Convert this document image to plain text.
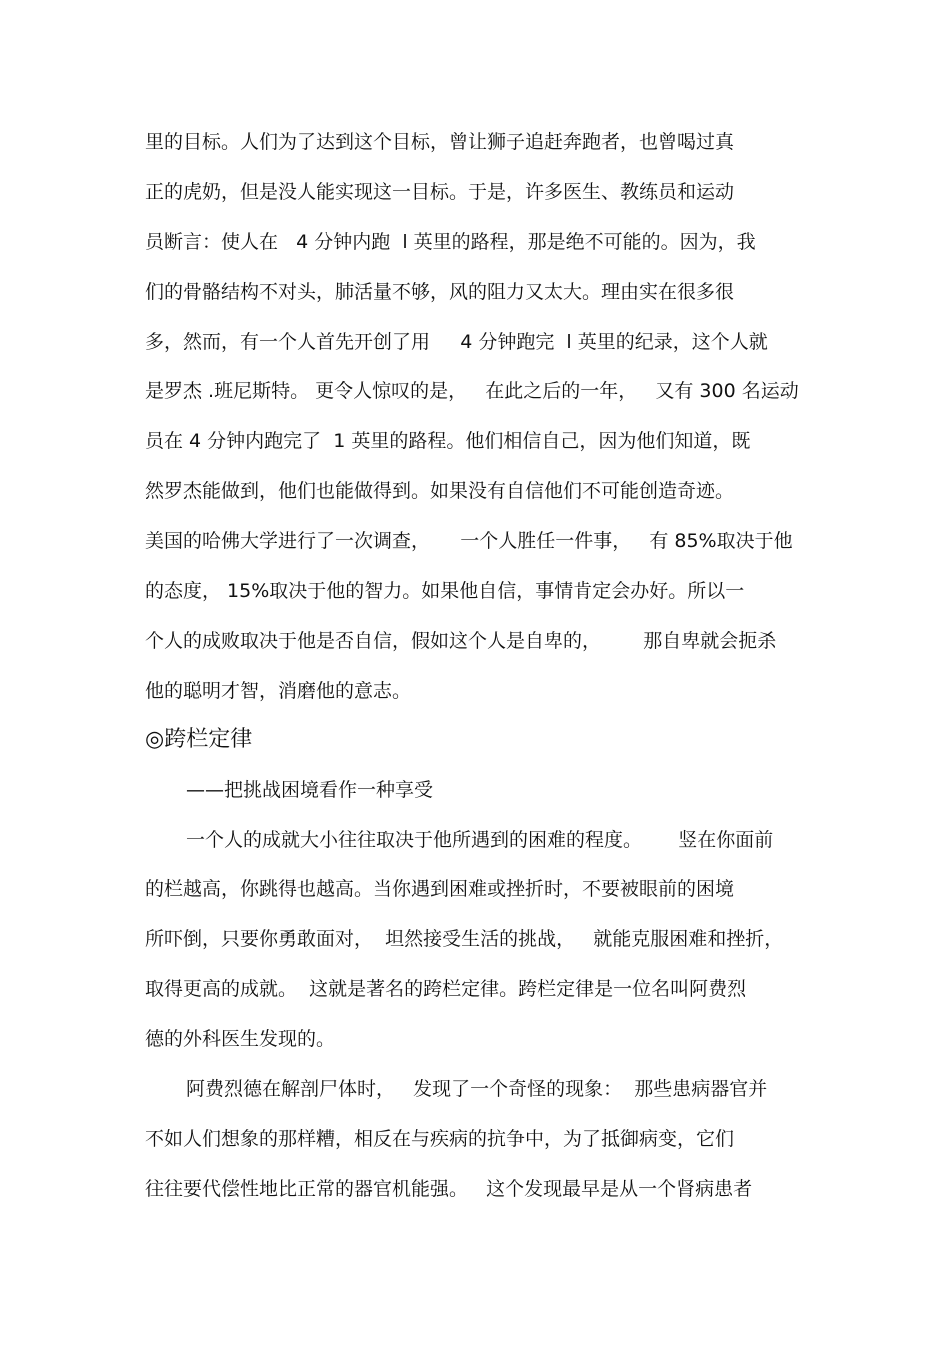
里的目标。人们为了达到这个目标，曾让狮子追赶奔跑者，也曾喝过真

正的虎奶，但是没人能实现这一目标。于是，许多医生、教练员和运动

员断言：使人在   4 分钟内跑  l 英里的路程，那是绝不可能的。因为，我

们的骨骼结构不对头，肺活量不够，风的阻力又太大。理由实在很多很

多，然而，有一个人首先开创了用     4 分钟跑完  l 英里的纪录，这个人就

是罗杰 .班尼斯特。 更令人惊叹的是，   在此之后的一年，   又有 300 名运动

员在 4 分钟内跑完了  1 英里的路程。他们相信自己，因为他们知道，既

然罗杰能做到，他们也能做得到。如果没有自信他们不可能创造奇迹。

美国的哈佛大学进行了一次调查，     一个人胜任一件事，   有 85%取决于他

的态度， 15%取决于他的智力。如果他自信，事情肯定会办好。所以一

个人的成败取决于他是否自信，假如这个人是自卑的，       那自卑就会扼杀

他的聪明才智，消磨他的意志。

◎跨栏定律

——把挑战困境看作一种享受

一个人的成就大小往往取决于他所遇到的困难的程度。      竖在你面前

的栏越高，你跳得也越高。当你遇到困难或挫折时，不要被眼前的困境

所吓倒，只要你勇敢面对，  坦然接受生活的挑战，   就能克服困难和挫折，

取得更高的成就。  这就是著名的跨栏定律。跨栏定律是一位名叫阿费烈

德的外科医生发现的。

阿费烈德在解剖尸体时，   发现了一个奇怪的现象：  那些患病器官并

不如人们想象的那样糟，相反在与疾病的抗争中，为了抵御病变，它们

往往要代偿性地比正常的器官机能强。   这个发现最早是从一个肾病患者
